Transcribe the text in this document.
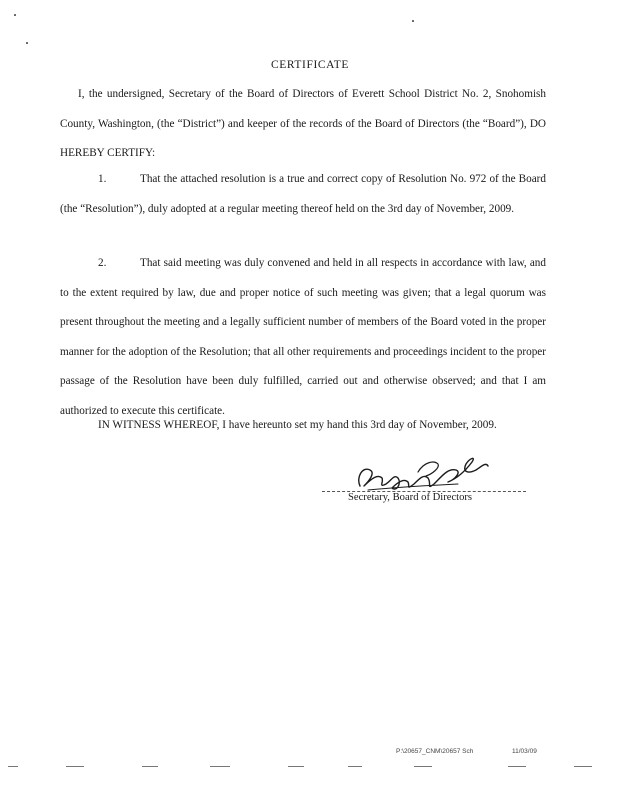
CERTIFICATE
I, the undersigned, Secretary of the Board of Directors of Everett School District No. 2, Snohomish County, Washington, (the “District”) and keeper of the records of the Board of Directors (the “Board”), DO HEREBY CERTIFY:
1.	That the attached resolution is a true and correct copy of Resolution No. 972 of the Board (the “Resolution”), duly adopted at a regular meeting thereof held on the 3rd day of November, 2009.
2.	That said meeting was duly convened and held in all respects in accordance with law, and to the extent required by law, due and proper notice of such meeting was given; that a legal quorum was present throughout the meeting and a legally sufficient number of members of the Board voted in the proper manner for the adoption of the Resolution; that all other requirements and proceedings incident to the proper passage of the Resolution have been duly fulfilled, carried out and otherwise observed; and that I am authorized to execute this certificate.
IN WITNESS WHEREOF, I have hereunto set my hand this 3rd day of November, 2009.
Secretary, Board of Directors
P:\20657_CNM\20657 Sch	11/03/09
